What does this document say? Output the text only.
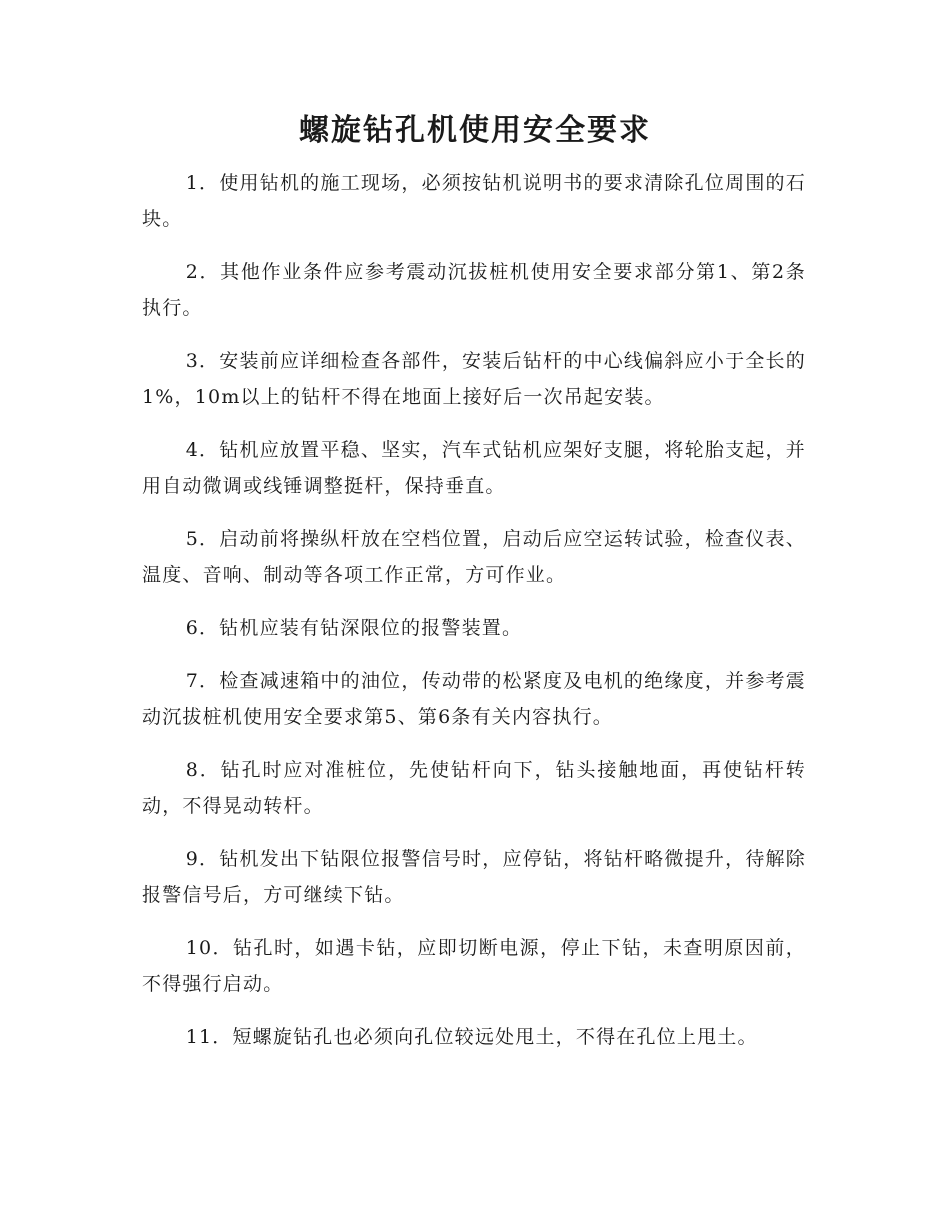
螺旋钻孔机使用安全要求

1．使用钻机的施工现场，必须按钻机说明书的要求清除孔位周围的石块。

2．其他作业条件应参考震动沉拔桩机使用安全要求部分第1、第2条执行。

3．安装前应详细检查各部件，安装后钻杆的中心线偏斜应小于全长的1%，10m以上的钻杆不得在地面上接好后一次吊起安装。

4．钻机应放置平稳、坚实，汽车式钻机应架好支腿，将轮胎支起，并用自动微调或线锤调整挺杆，保持垂直。

5．启动前将操纵杆放在空档位置，启动后应空运转试验，检查仪表、温度、音响、制动等各项工作正常，方可作业。

6．钻机应装有钻深限位的报警装置。

7．检查减速箱中的油位，传动带的松紧度及电机的绝缘度，并参考震动沉拔桩机使用安全要求第5、第6条有关内容执行。

8．钻孔时应对准桩位，先使钻杆向下，钻头接触地面，再使钻杆转动，不得晃动转杆。

9．钻机发出下钻限位报警信号时，应停钻，将钻杆略微提升，待解除报警信号后，方可继续下钻。

10．钻孔时，如遇卡钻，应即切断电源，停止下钻，未查明原因前，不得强行启动。

11．短螺旋钻孔也必须向孔位较远处甩土，不得在孔位上甩土。
